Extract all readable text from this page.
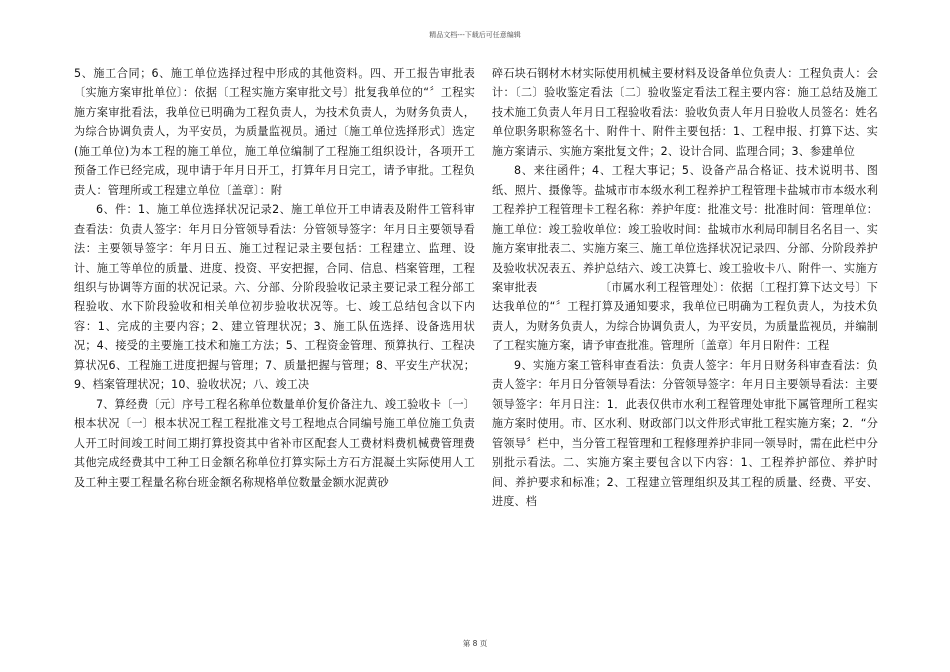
精品文档---下载后可任意编辑

5、施工合同；6、施工单位选择过程中形成的其他资料。四、开工报告审批表〔实施方案审批单位〕：依据〔工程实施方案审批文号〕批复我单位的“〞工程实施方案审批看法，我单位已明确为工程负责人，为技术负责人，为财务负责人，为综合协调负责人，为平安员，为质量监视员。通过〔施工单位选择形式〕选定(施工单位)为本工程的施工单位，施工单位编制了工程施工组织设计，各项开工预备工作已经完成，现申请于年月日开工，打算年月日完工，请予审批。工程负责人：管理所或工程建立单位〔盖章〕：附

6、件：1、施工单位选择状况记录2、施工单位开工申请表及附件工管科审查看法：负责人签字：年月日分管领导看法：分管领导签字：年月日主要领导看法：主要领导签字：年月日五、施工过程记录主要包括：工程建立、监理、设计、施工等单位的质量、进度、投资、平安把握，合同、信息、档案管理，工程组织与协调等方面的状况记录。六、分部、分阶段验收记录主要记录工程分部工程验收、水下阶段验收和相关单位初步验收状况等。七、竣工总结包含以下内容：1、完成的主要内容；2、建立管理状况；3、施工队伍选择、设备选用状况；4、接受的主要施工技术和施工方法；5、工程资金管理、预算执行、工程决算状况6、工程施工进度把握与管理；7、质量把握与管理；8、平安生产状况；9、档案管理状况；10、验收状况；八、竣工决

7、算经费〔元〕序号工程名称单位数量单价复价备注九、竣工验收卡〔一〕根本状况〔一〕根本状况工程工程批准文号工程地点合同编号施工单位施工负责人开工时间竣工时间工期打算投资其中省补市区配套人工费材料费机械费管理费其他完成经费其中工种工日金额名称单位打算实际土方石方混凝土实际使用人工及工种主要工程量名称台班金额名称规格单位数量金额水泥黄砂

碎石块石钢材木材实际使用机械主要材料及设备单位负责人：工程负责人：会计：〔二〕验收鉴定看法〔二〕验收鉴定看法工程主要内容：施工总结及施工技术施工负责人年月日工程验收看法：验收负责人年月日验收人员签名：姓名单位职务职称签名十、附件十、附件主要包括：1、工程申报、打算下达、实施方案请示、实施方案批复文件；2、设计合同、监理合同；3、参建单位

8、来往函件；4、工程大事记；5、设备产品合格证、技术说明书、图纸、照片、摄像等。盐城市市本级水利工程养护工程管理卡盐城市市本级水利工程养护工程管理卡工程名称：养护年度：批准文号：批准时间：管理单位：施工单位：竣工验收单位：竣工验收时间：盐城市水利局印制目名名目一、实施方案审批表二、实施方案三、施工单位选择状况记录四、分部、分阶段养护及验收状况表五、养护总结六、竣工决算七、竣工验收卡八、附件一、实施方案审批表　　　　　　〔市属水利工程管理处〕：依据〔工程打算下达文号〕下达我单位的“〞工程打算及通知要求，我单位已明确为工程负责人，为技术负责人，为财务负责人，为综合协调负责人，为平安员，为质量监视员，并编制了工程实施方案，请予审查批准。管理所〔盖章〕年月日附件：工程

9、实施方案工管科审查看法：负责人签字：年月日财务科审查看法：负责人签字：年月日分管领导看法：分管领导签字：年月日主要领导看法：主要领导签字：年月日注：1．此表仅供市水利工程管理处审批下属管理所工程实施方案时使用。市、区水利、财政部门以文件形式审批工程实施方案；2．“分管领导〞栏中，当分管工程管理和工程修理养护非同一领导时，需在此栏中分别批示看法。二、实施方案主要包含以下内容：1、工程养护部位、养护时间、养护要求和标准；2、工程建立管理组织及其工程的质量、经费、平安、进度、档

第 8 页
